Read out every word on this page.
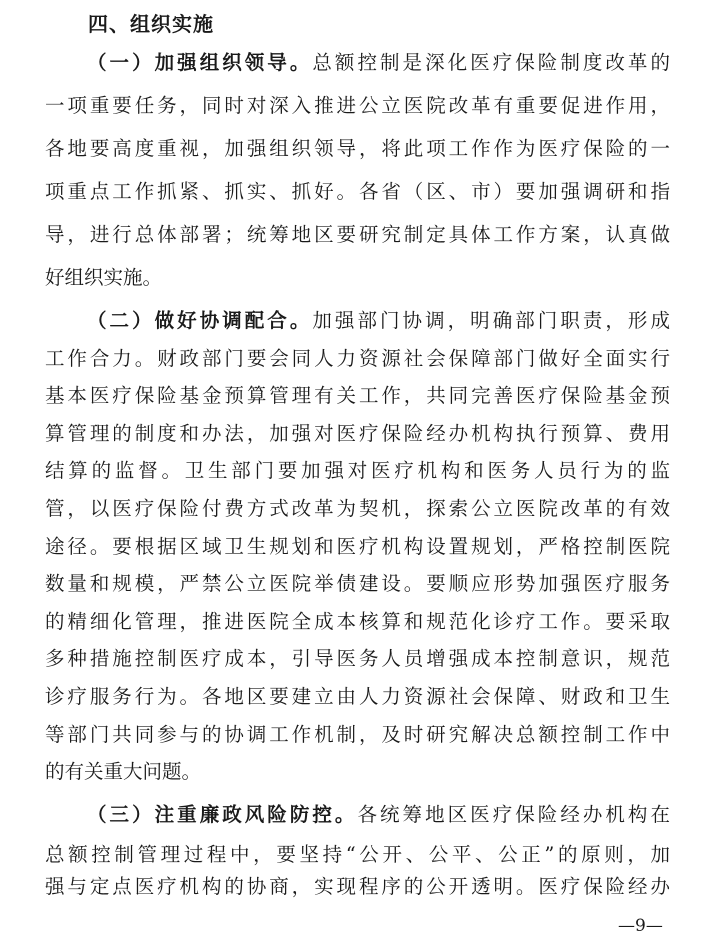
四、组织实施
（一）加强组织领导。总额控制是深化医疗保险制度改革的
一项重要任务，同时对深入推进公立医院改革有重要促进作用，
各地要高度重视，加强组织领导，将此项工作作为医疗保险的一
项重点工作抓紧、抓实、抓好。各省（区、市）要加强调研和指
导，进行总体部署；统筹地区要研究制定具体工作方案，认真做
好组织实施。
（二）做好协调配合。加强部门协调，明确部门职责，形成
工作合力。财政部门要会同人力资源社会保障部门做好全面实行
基本医疗保险基金预算管理有关工作，共同完善医疗保险基金预
算管理的制度和办法，加强对医疗保险经办机构执行预算、费用
结算的监督。卫生部门要加强对医疗机构和医务人员行为的监
管，以医疗保险付费方式改革为契机，探索公立医院改革的有效
途径。要根据区域卫生规划和医疗机构设置规划，严格控制医院
数量和规模，严禁公立医院举债建设。要顺应形势加强医疗服务
的精细化管理，推进医院全成本核算和规范化诊疗工作。要采取
多种措施控制医疗成本，引导医务人员增强成本控制意识，规范
诊疗服务行为。各地区要建立由人力资源社会保障、财政和卫生
等部门共同参与的协调工作机制，及时研究解决总额控制工作中
的有关重大问题。
（三）注重廉政风险防控。各统筹地区医疗保险经办机构在
总额控制管理过程中，要坚持“公开、公平、公正”的原则，加
强与定点医疗机构的协商，实现程序的公开透明。医疗保险经办
—9—
